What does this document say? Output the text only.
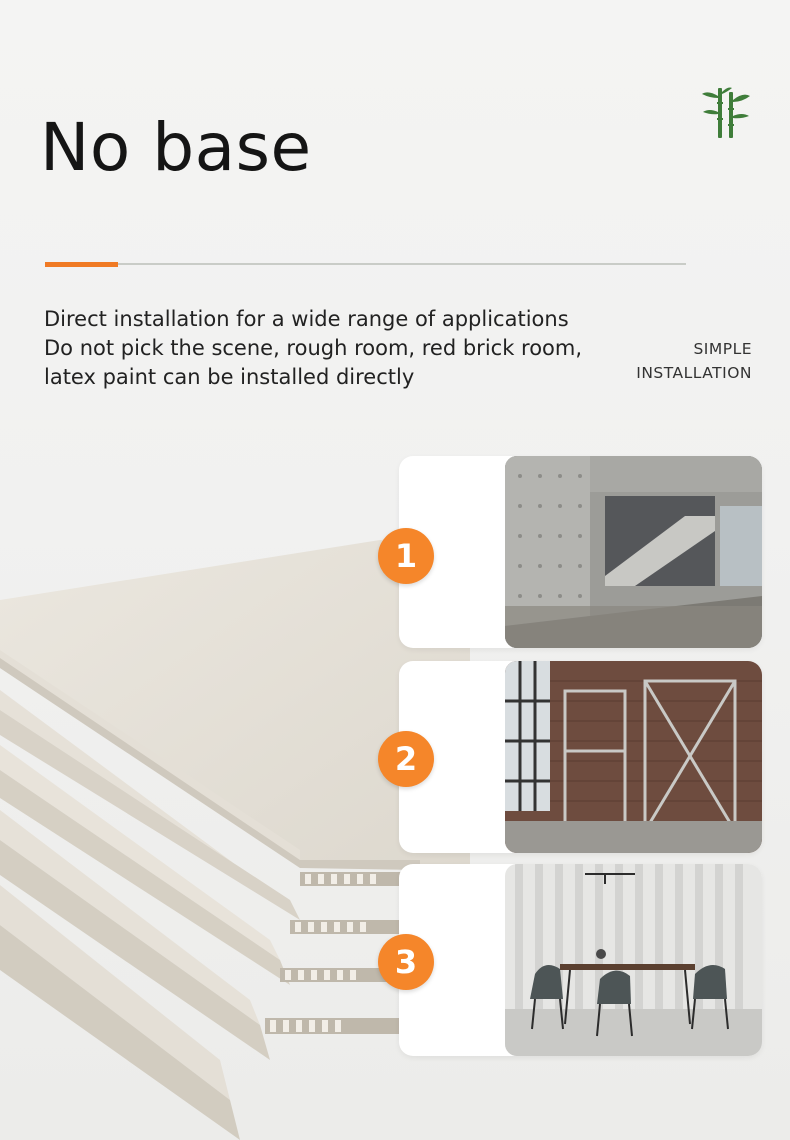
No base
Direct installation for a wide range of applications
Do not pick the scene, rough room, red brick room,
latex paint can be installed directly
SIMPLE
INSTALLATION
1
2
3
